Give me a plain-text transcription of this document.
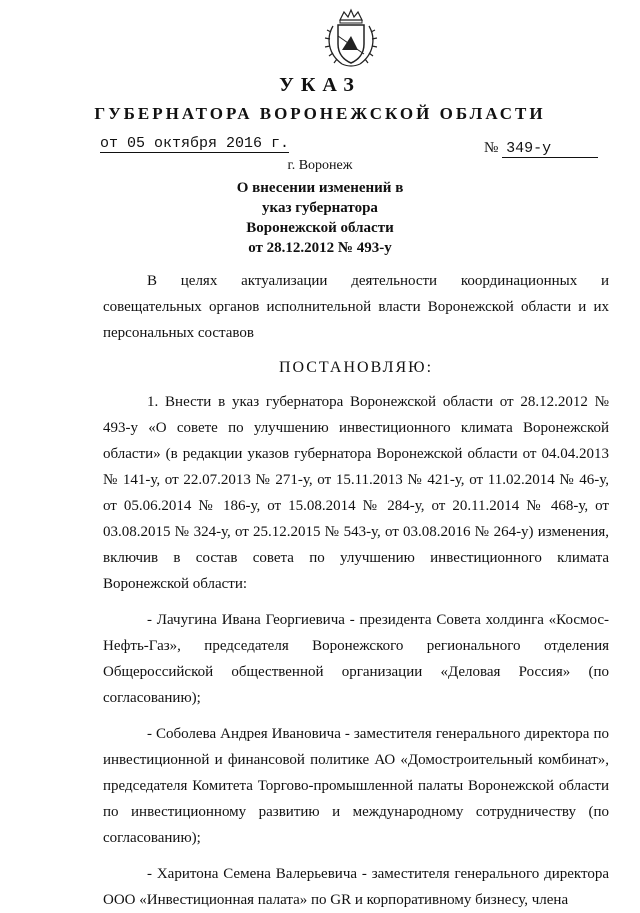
УКАЗ
ГУБЕРНАТОРА ВОРОНЕЖСКОЙ ОБЛАСТИ
от 05 октября 2016 г.	№ 349-у
г. Воронеж
О внесении изменений в
указ губернатора
Воронежской области
от 28.12.2012 № 493-у

В целях актуализации деятельности координационных и совещательных органов исполнительной власти Воронежской области и их персональных составов

ПОСТАНОВЛЯЮ:

1. Внести в указ губернатора Воронежской области от 28.12.2012 № 493-у «О совете по улучшению инвестиционного климата Воронежской области» (в редакции указов губернатора Воронежской области от 04.04.2013 № 141-у, от 22.07.2013 № 271-у, от 15.11.2013 № 421-у, от 11.02.2014 № 46-у, от 05.06.2014 № 186-у, от 15.08.2014 № 284-у, от 20.11.2014 № 468-у, от 03.08.2015 № 324-у, от 25.12.2015 № 543-у, от 03.08.2016 № 264-у) изменения, включив в состав совета по улучшению инвестиционного климата Воронежской области:

- Лачугина Ивана Георгиевича - президента Совета холдинга «Космос-Нефть-Газ», председателя Воронежского регионального отделения Общероссийской общественной организации «Деловая Россия» (по согласованию);

- Соболева Андрея Ивановича - заместителя генерального директора по инвестиционной и финансовой политике АО «Домостроительный комбинат», председателя Комитета Торгово-промышленной палаты Воронежской области по инвестиционному развитию и международному сотрудничеству (по согласованию);

- Харитона Семена Валерьевича - заместителя генерального директора ООО «Инвестиционная палата» по GR и корпоративному бизнесу, члена
